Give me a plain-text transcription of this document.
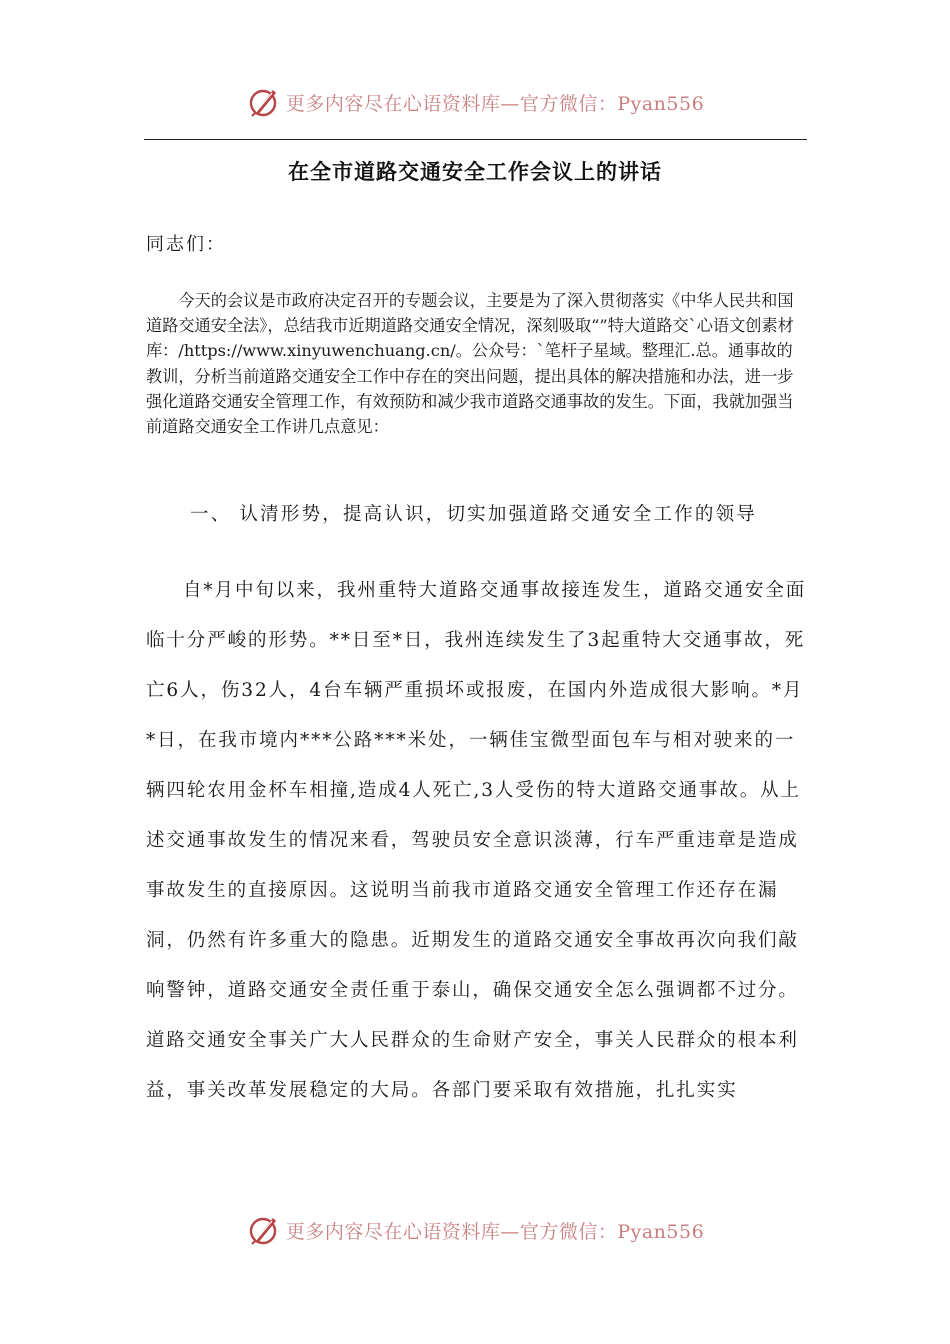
更多内容尽在心语资料库—官方微信：Pyan556
在全市道路交通安全工作会议上的讲话
同志们：

今天的会议是市政府决定召开的专题会议，主要是为了深入贯彻落实《中华人民共和国道路交通安全法》，总结我市近期道路交通安全情况，深刻吸取“”特大道路交`心语文创素材库：/https://www.xinyuwenchuang.cn/。公众号：`笔杆子星域。整理汇.总。通事故的教训，分析当前道路交通安全工作中存在的突出问题，提出具体的解决措施和办法，进一步强化道路交通安全管理工作，有效预防和减少我市道路交通事故的发生。下面，我就加强当前道路交通安全工作讲几点意见：

一、 认清形势，提高认识，切实加强道路交通安全工作的领导

自*月中旬以来，我州重特大道路交通事故接连发生，道路交通安全面临十分严峻的形势。**日至*日，我州连续发生了3起重特大交通事故，死亡6人，伤32人，4台车辆严重损坏或报废，在国内外造成很大影响。*月*日，在我市境内***公路***米处，一辆佳宝微型面包车与相对驶来的一辆四轮农用金杯车相撞,造成4人死亡,3人受伤的特大道路交通事故。从上述交通事故发生的情况来看，驾驶员安全意识淡薄，行车严重违章是造成事故发生的直接原因。这说明当前我市道路交通安全管理工作还存在漏洞，仍然有许多重大的隐患。近期发生的道路交通安全事故再次向我们敲响警钟，道路交通安全责任重于泰山，确保交通安全怎么强调都不过分。道路交通安全事关广大人民群众的生命财产安全，事关人民群众的根本利益，事关改革发展稳定的大局。各部门要采取有效措施，扎扎实实

更多内容尽在心语资料库—官方微信：Pyan556
